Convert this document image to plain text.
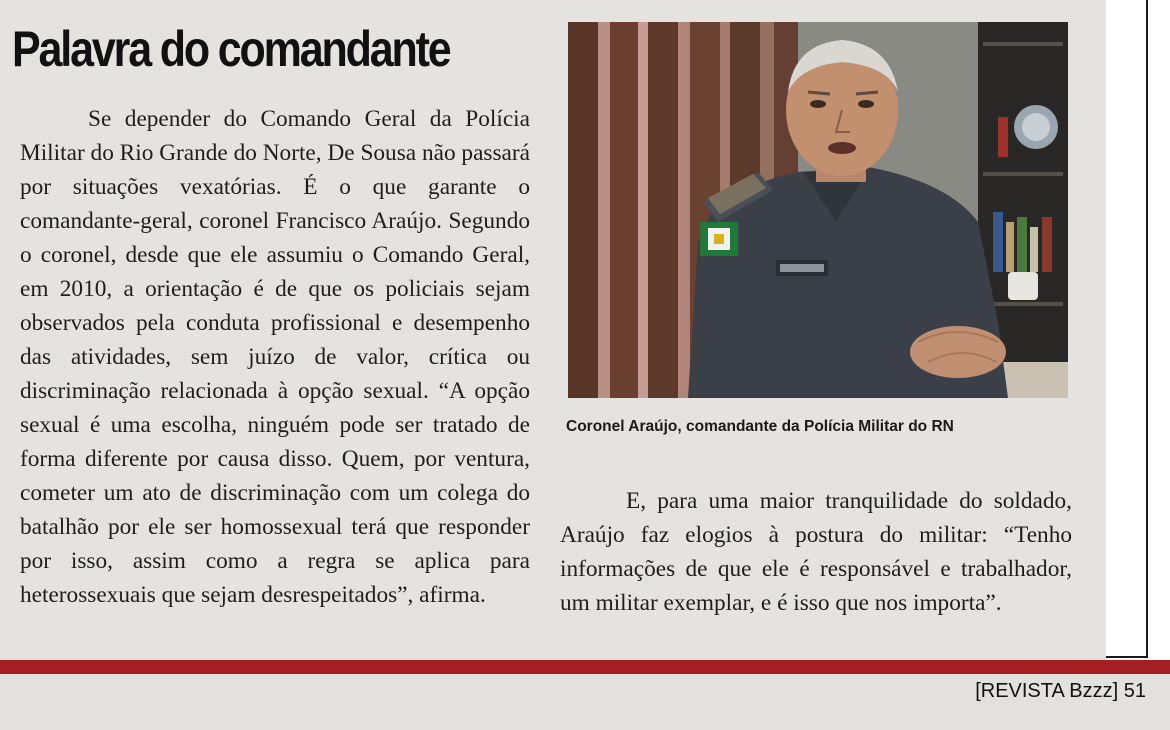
Palavra do comandante

Se depender do Comando Geral da Polícia Militar do Rio Grande do Norte, De Sousa não passará por situações vexatórias. É o que garante o comandante-geral, coronel Francisco Araújo. Segundo o coronel, desde que ele assumiu o Comando Geral, em 2010, a orientação é de que os policiais sejam observados pela conduta profissional e desempenho das atividades, sem juízo de valor, crítica ou discriminação relacionada à opção sexual. “A opção sexual é uma escolha, ninguém pode ser tratado de forma diferente por causa disso. Quem, por ventura, cometer um ato de discriminação com um colega do batalhão por ele ser homossexual terá que responder por isso, assim como a regra se aplica para heterossexuais que sejam desrespeitados”, afirma.

Coronel Araújo, comandante da Polícia Militar do RN

E, para uma maior tranquilidade do soldado, Araújo faz elogios à postura do militar: “Tenho informações de que ele é responsável e trabalhador, um militar exemplar, e é isso que nos importa”.

[REVISTA Bzzz] 51
